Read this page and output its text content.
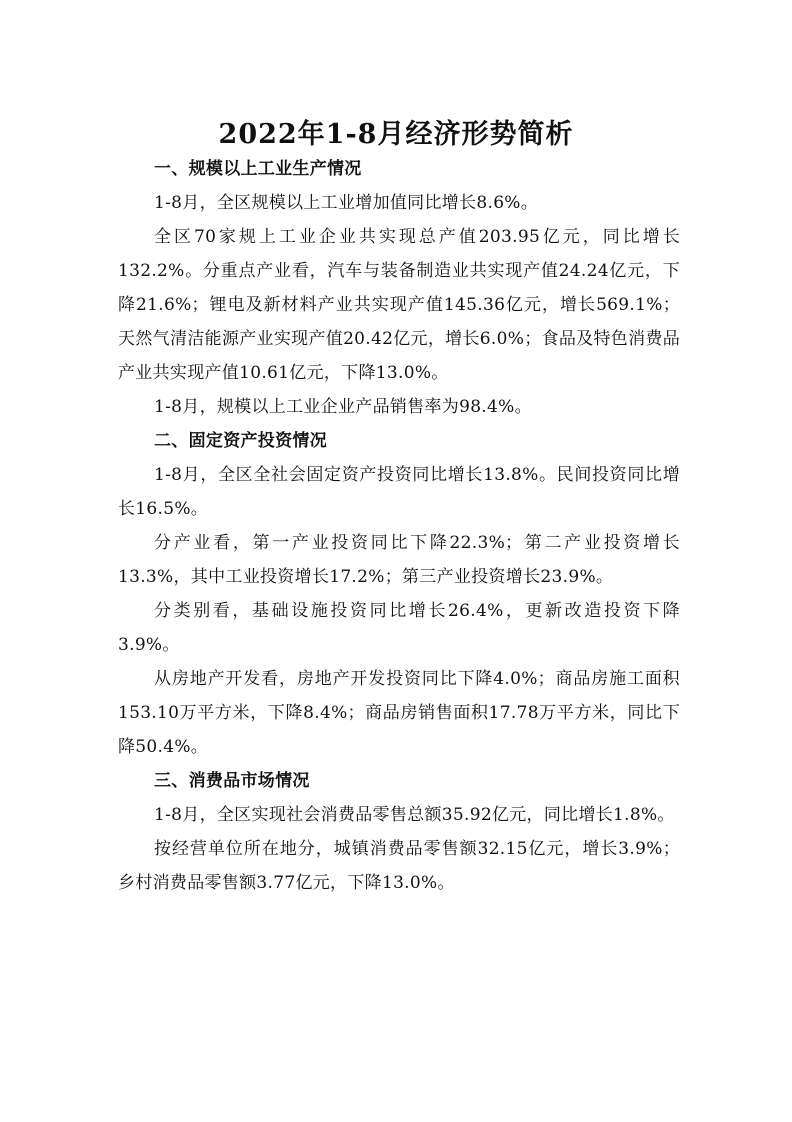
2022年1-8月经济形势简析

一、规模以上工业生产情况

1-8月，全区规模以上工业增加值同比增长8.6%。

全区70家规上工业企业共实现总产值203.95亿元，同比增长132.2%。分重点产业看，汽车与装备制造业共实现产值24.24亿元，下降21.6%；锂电及新材料产业共实现产值145.36亿元，增长569.1%；天然气清洁能源产业实现产值20.42亿元，增长6.0%；食品及特色消费品产业共实现产值10.61亿元，下降13.0%。

1-8月，规模以上工业企业产品销售率为98.4%。

二、固定资产投资情况

1-8月，全区全社会固定资产投资同比增长13.8%。民间投资同比增长16.5%。

分产业看，第一产业投资同比下降22.3%；第二产业投资增长13.3%，其中工业投资增长17.2%；第三产业投资增长23.9%。

分类别看，基础设施投资同比增长26.4%，更新改造投资下降3.9%。

从房地产开发看，房地产开发投资同比下降4.0%；商品房施工面积153.10万平方米，下降8.4%；商品房销售面积17.78万平方米，同比下降50.4%。

三、消费品市场情况

1-8月，全区实现社会消费品零售总额35.92亿元，同比增长1.8%。

按经营单位所在地分，城镇消费品零售额32.15亿元，增长3.9%；乡村消费品零售额3.77亿元，下降13.0%。
